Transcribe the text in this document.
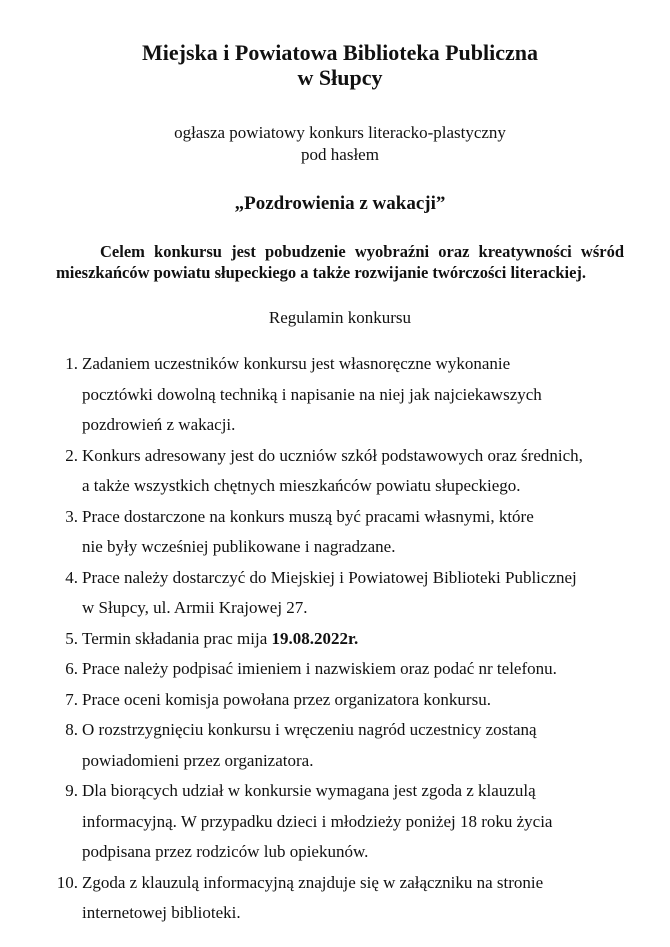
Miejska i Powiatowa Biblioteka Publiczna
w Słupcy
ogłasza powiatowy konkurs literacko-plastyczny
pod hasłem
„Pozdrowienia z wakacji”

Celem konkursu jest pobudzenie wyobraźni oraz kreatywności wśród mieszkańców powiatu słupeckiego a także rozwijanie twórczości literackiej.

Regulamin konkursu
1. Zadaniem uczestników konkursu jest własnoręczne wykonanie
pocztówki dowolną techniką i napisanie na niej jak najciekawszych
pozdrowień z wakacji.
2. Konkurs adresowany jest do uczniów szkół podstawowych oraz średnich,
a także wszystkich chętnych mieszkańców powiatu słupeckiego.
3. Prace dostarczone na konkurs muszą być pracami własnymi, które
nie były wcześniej publikowane i nagradzane.
4. Prace należy dostarczyć do Miejskiej i Powiatowej Biblioteki Publicznej
w Słupcy, ul. Armii Krajowej 27.
5. Termin składania prac mija 19.08.2022r.
6. Prace należy podpisać imieniem i nazwiskiem oraz podać nr telefonu.
7. Prace oceni komisja powołana przez organizatora konkursu.
8. O rozstrzygnięciu konkursu i wręczeniu nagród uczestnicy zostaną
powiadomieni przez organizatora.
9. Dla biorących udział w konkursie wymagana jest zgoda z klauzulą
informacyjną. W przypadku dzieci i młodzieży poniżej 18 roku życia
podpisana przez rodziców lub opiekunów.
10. Zgoda z klauzulą informacyjną znajduje się w załączniku na stronie
internetowej biblioteki.
